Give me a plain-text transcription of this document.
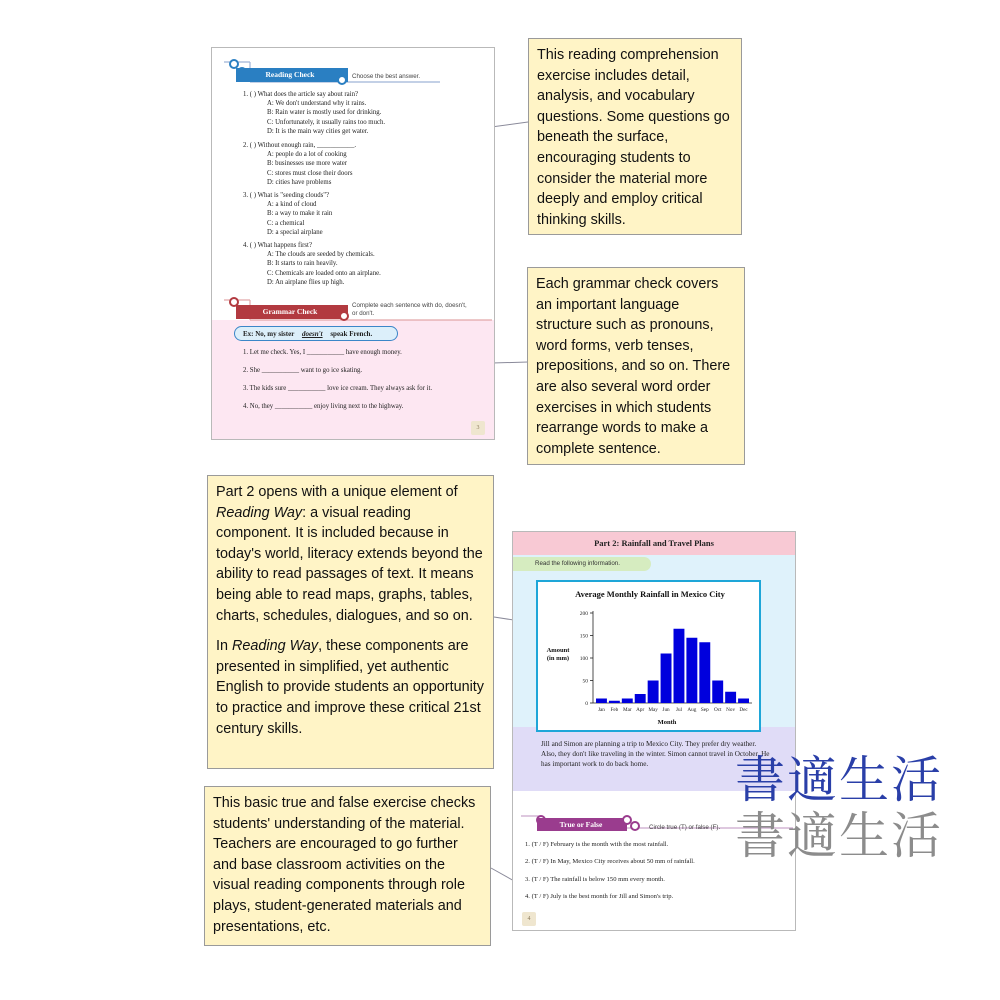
Reading Check	Choose the best answer.
1. ( ) What does the article say about rain?
A: We don't understand why it rains.
B: Rain water is mostly used for drinking.
C: Unfortunately, it usually rains too much.
D: It is the main way cities get water.
2. ( ) Without enough rain, ___________.
A: people do a lot of cooking
B: businesses use more water
C: stores must close their doors
D: cities have problems
3. ( ) What is "seeding clouds"?
A: a kind of cloud
B: a way to make it rain
C: a chemical
D: a special airplane
4. ( ) What happens first?
A: The clouds are seeded by chemicals.
B: It starts to rain heavily.
C: Chemicals are loaded onto an airplane.
D: An airplane flies up high.
Grammar Check
Complete each sentence with do, doesn't, or don't.
Ex: No, my sister doesn't speak French.
1. Let me check. Yes, I ___________ have enough money.
2. She ___________ want to go ice skating.
3. The kids sure ___________ love ice cream. They always ask for it.
4. No, they ___________ enjoy living next to the highway.
3
Part 2: Rainfall and Travel Plans
Read the following information.
Jill and Simon are planning a trip to Mexico City. They prefer dry weather. Also, they don't like traveling in the winter. Simon cannot travel in October. He has important work to do back home.
True or False	Circle true (T) or false (F).
1. (T / F) February is the month with the most rainfall.
2. (T / F) In May, Mexico City receives about 50 mm of rainfall.
3. (T / F) The rainfall is below 150 mm every month.
4. (T / F) July is the best month for Jill and Simon's trip.
4
Average Monthly Rainfall in Mexico City
Amount
(in mm)
Month
0
50
100
150
200
Jan Feb Mar Apr May Jun Jul Aug Sep Oct Nov Dec

This reading comprehension exercise includes detail, analysis, and vocabulary questions. Some questions go beneath the surface, encouraging students to consider the material more deeply and employ critical thinking skills.

Each grammar check covers an important language structure such as pronouns, word forms, verb tenses, prepositions, and so on. There are also several word order exercises in which students rearrange words to make a complete sentence.

Part 2 opens with a unique element of Reading Way: a visual reading component. It is included because in today's world, literacy extends beyond the ability to read passages of text. It means being able to read maps, graphs, tables, charts, schedules, dialogues, and so on.

In Reading Way, these components are presented in simplified, yet authentic English to provide students an opportunity to practice and improve these critical 21st century skills.

This basic true and false exercise checks students' understanding of the material. Teachers are encouraged to go further and base classroom activities on the visual reading components through role plays, student-generated materials and presentations, etc.

書適生活
書適生活
